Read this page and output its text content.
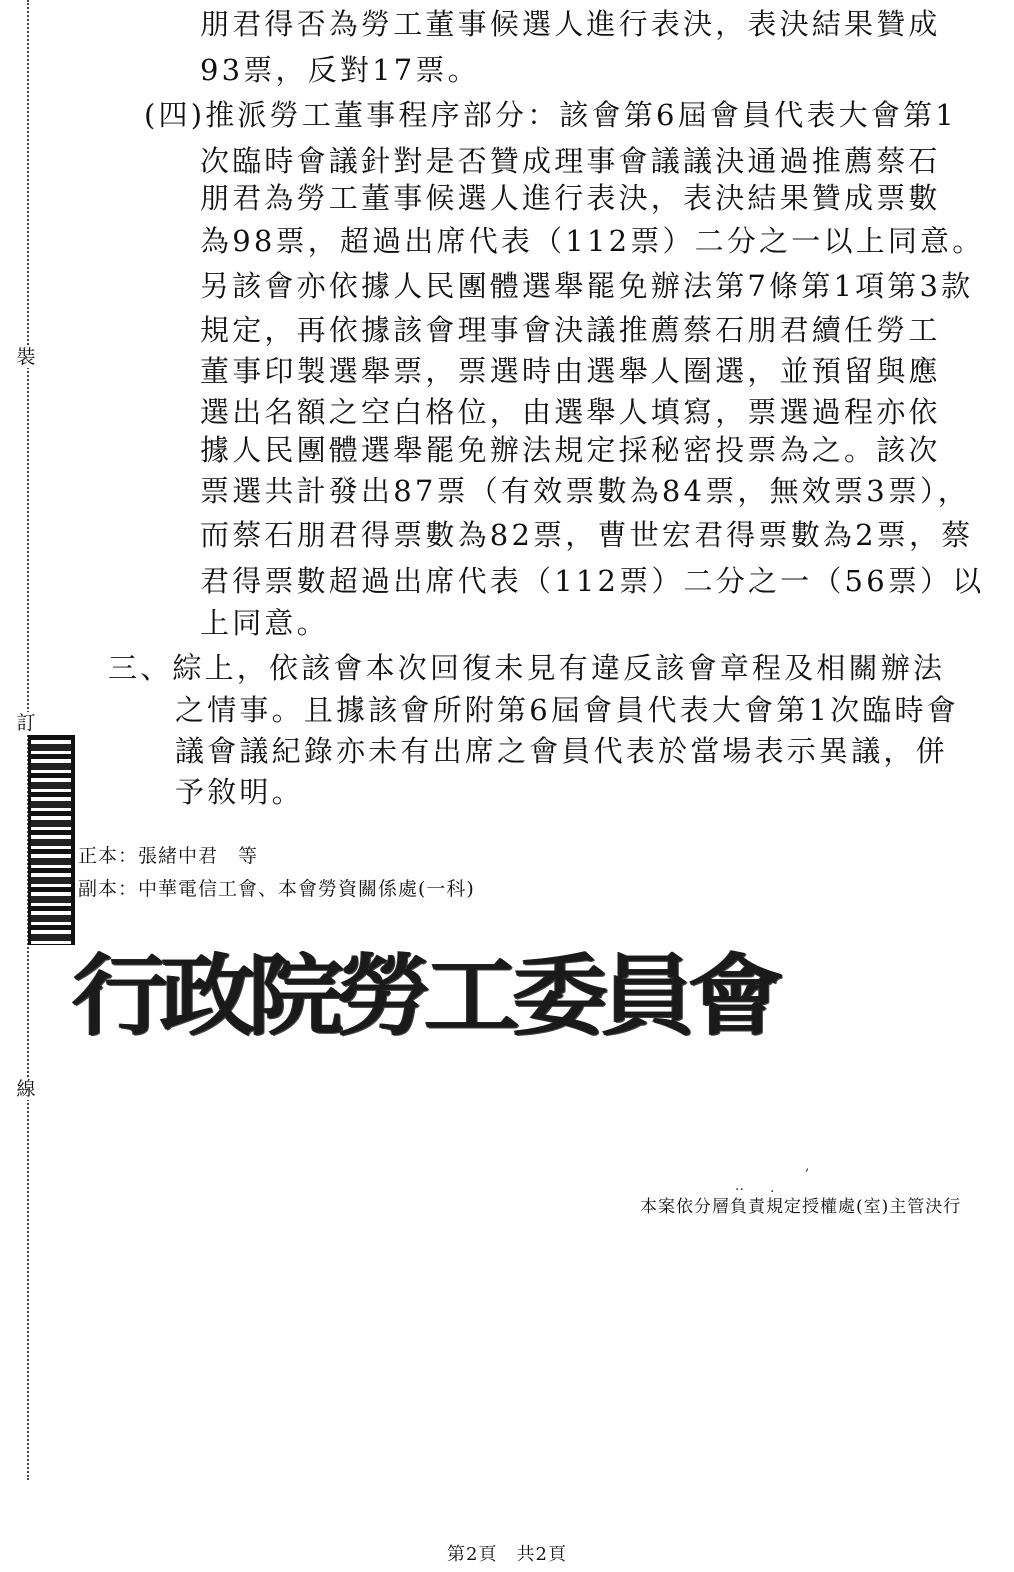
裝
訂
線
朋君得否為勞工董事候選人進行表決，表決結果贊成
93票，反對17票。
(四)推派勞工董事程序部分：該會第6屆會員代表大會第1
次臨時會議針對是否贊成理事會議議決通過推薦蔡石
朋君為勞工董事候選人進行表決，表決結果贊成票數
為98票，超過出席代表（112票）二分之一以上同意。
另該會亦依據人民團體選舉罷免辦法第7條第1項第3款
規定，再依據該會理事會決議推薦蔡石朋君續任勞工
董事印製選舉票，票選時由選舉人圈選，並預留與應
選出名額之空白格位，由選舉人填寫，票選過程亦依
據人民團體選舉罷免辦法規定採秘密投票為之。該次
票選共計發出87票（有效票數為84票，無效票3票），
而蔡石朋君得票數為82票，曹世宏君得票數為2票，蔡
君得票數超過出席代表（112票）二分之一（56票）以
上同意。
三、綜上，依該會本次回復未見有違反該會章程及相關辦法
之情事。且據該會所附第6屆會員代表大會第1次臨時會
議會議紀錄亦未有出席之會員代表於當場表示異議，併
予敘明。
正本：張緒中君　等
副本：中華電信工會、本會勞資關係處(一科)
行政院勞工委員會
,
.. .
本案依分層負責規定授權處(室)主管決行
第2頁　共2頁
